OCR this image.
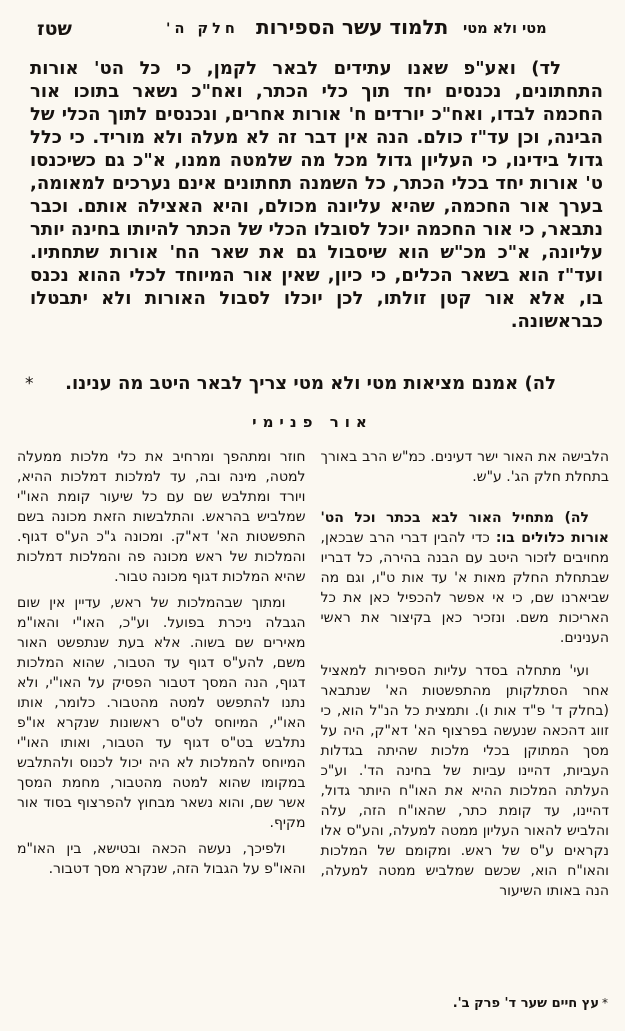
שטז	חלק ה' תלמוד עשר הספירות מטי ולא מטי

לד) ואע"פ שאנו עתידים לבאר לקמן, כי כל הט' אורות התחתונים, נכנסים יחד תוך כלי הכתר, ואח"כ נשאר בתוכו אור החכמה לבדו, ואח"כ יורדים ח' אורות אחרים, ונכנסים לתוך הכלי של הבינה, וכן עד"ז כולם. הנה אין דבר זה לא מעלה ולא מוריד. כי כלל גדול בידינו, כי העליון גדול מכל מה שלמטה ממנו, א"כ גם כשיכנסו ט' אורות יחד בכלי הכתר, כל השמנה תחתונים אינם נערכים למאומה, בערך אור החכמה, שהיא עליונה מכולם, והיא האצילה אותם. וכבר נתבאר, כי אור החכמה יוכל לסובלו הכלי של הכתר להיותו בחינה יותר עליונה, א"כ מכ"ש הוא שיסבול גם את שאר הח' אורות שתחתיו. ועד"ז הוא בשאר הכלים, כי כיון, שאין אור המיוחד לכלי ההוא נכנס בו, אלא אור קטן זולתו, לכן יוכלו לסבול האורות ולא יתבטלו כבראשונה.

* לה) אמנם מציאות מטי ולא מטי צריך לבאר היטב מה ענינו.

אור פנימי

הלבישה את האור ישר דעינים. כמ"ש הרב באורך בתחלת חלק הג'. ע"ש.

לה) מתחיל האור לבא בכתר וכל הט' אורות כלולים בו: כדי להבין דברי הרב שבכאן, מחויבים לזכור היטב עם הבנה בהירה, כל דבריו שבתחלת החלק מאות א' עד אות ט"ו, וגם מה שביארנו שם, כי אי אפשר להכפיל כאן את כל האריכות משם. ונזכיר כאן בקיצור את ראשי הענינים.

ועי' מתחלה בסדר עליות הספירות למאציל אחר הסתלקותן מהתפשטות הא' שנתבאר (בחלק ד' פ"ד אות ו). ותמצית כל הנ"ל הוא, כי זווג דהכאה שנעשה בפרצוף הא' דא"ק, היה על מסך המתוקן בכלי מלכות שהיתה בגדלות העביות, דהיינו עביות של בחינה הד'. וע"כ העלתה המלכות ההיא את האו"ח היותר גדול, דהיינו, עד קומת כתר, שהאו"ח הזה, עלה והלביש להאור העליון ממטה למעלה, והע"ס אלו נקראים ע"ס של ראש. ומקומם של המלכות והאו"ח הוא, שכשם שמלביש ממטה למעלה, הנה באותו השיעור

חוזר ומתהפך ומרחיב את כלי מלכות ממעלה למטה, מינה ובה, עד למלכות דמלכות ההיא, ויורד ומתלבש שם עם כל שיעור קומת האו"י שמלביש בהראש. והתלבשות הזאת מכונה בשם התפשטות הא' דא"ק. ומכונה ג"כ הע"ס דגוף. והמלכות של ראש מכונה פה והמלכות דמלכות שהיא המלכות דגוף מכונה טבור.

ומתוך שבהמלכות של ראש, עדיין אין שום הגבלה ניכרת בפועל. וע"כ, האו"י והאו"מ מאירים שם בשוה. אלא בעת שנתפשט האור משם, להע"ס דגוף עד הטבור, שהוא המלכות דגוף, הנה המסך דטבור הפסיק על האו"י, ולא נתנו להתפשט למטה מהטבור. כלומר, אותו האו"י, המיוחס לט"ס ראשונות שנקרא או"פ נתלבש בט"ס דגוף עד הטבור, ואותו האו"י המיוחס להמלכות לא היה יכול לכנוס ולהתלבש במקומו שהוא למטה מהטבור, מחמת המסך אשר שם, והוא נשאר מבחוץ להפרצוף בסוד אור מקיף.

ולפיכך, נעשה הכאה ובטישא, בין האו"מ והאו"פ על הגבול הזה, שנקרא מסך דטבור.

*עץ חיים שער ד' פרק ב'.
